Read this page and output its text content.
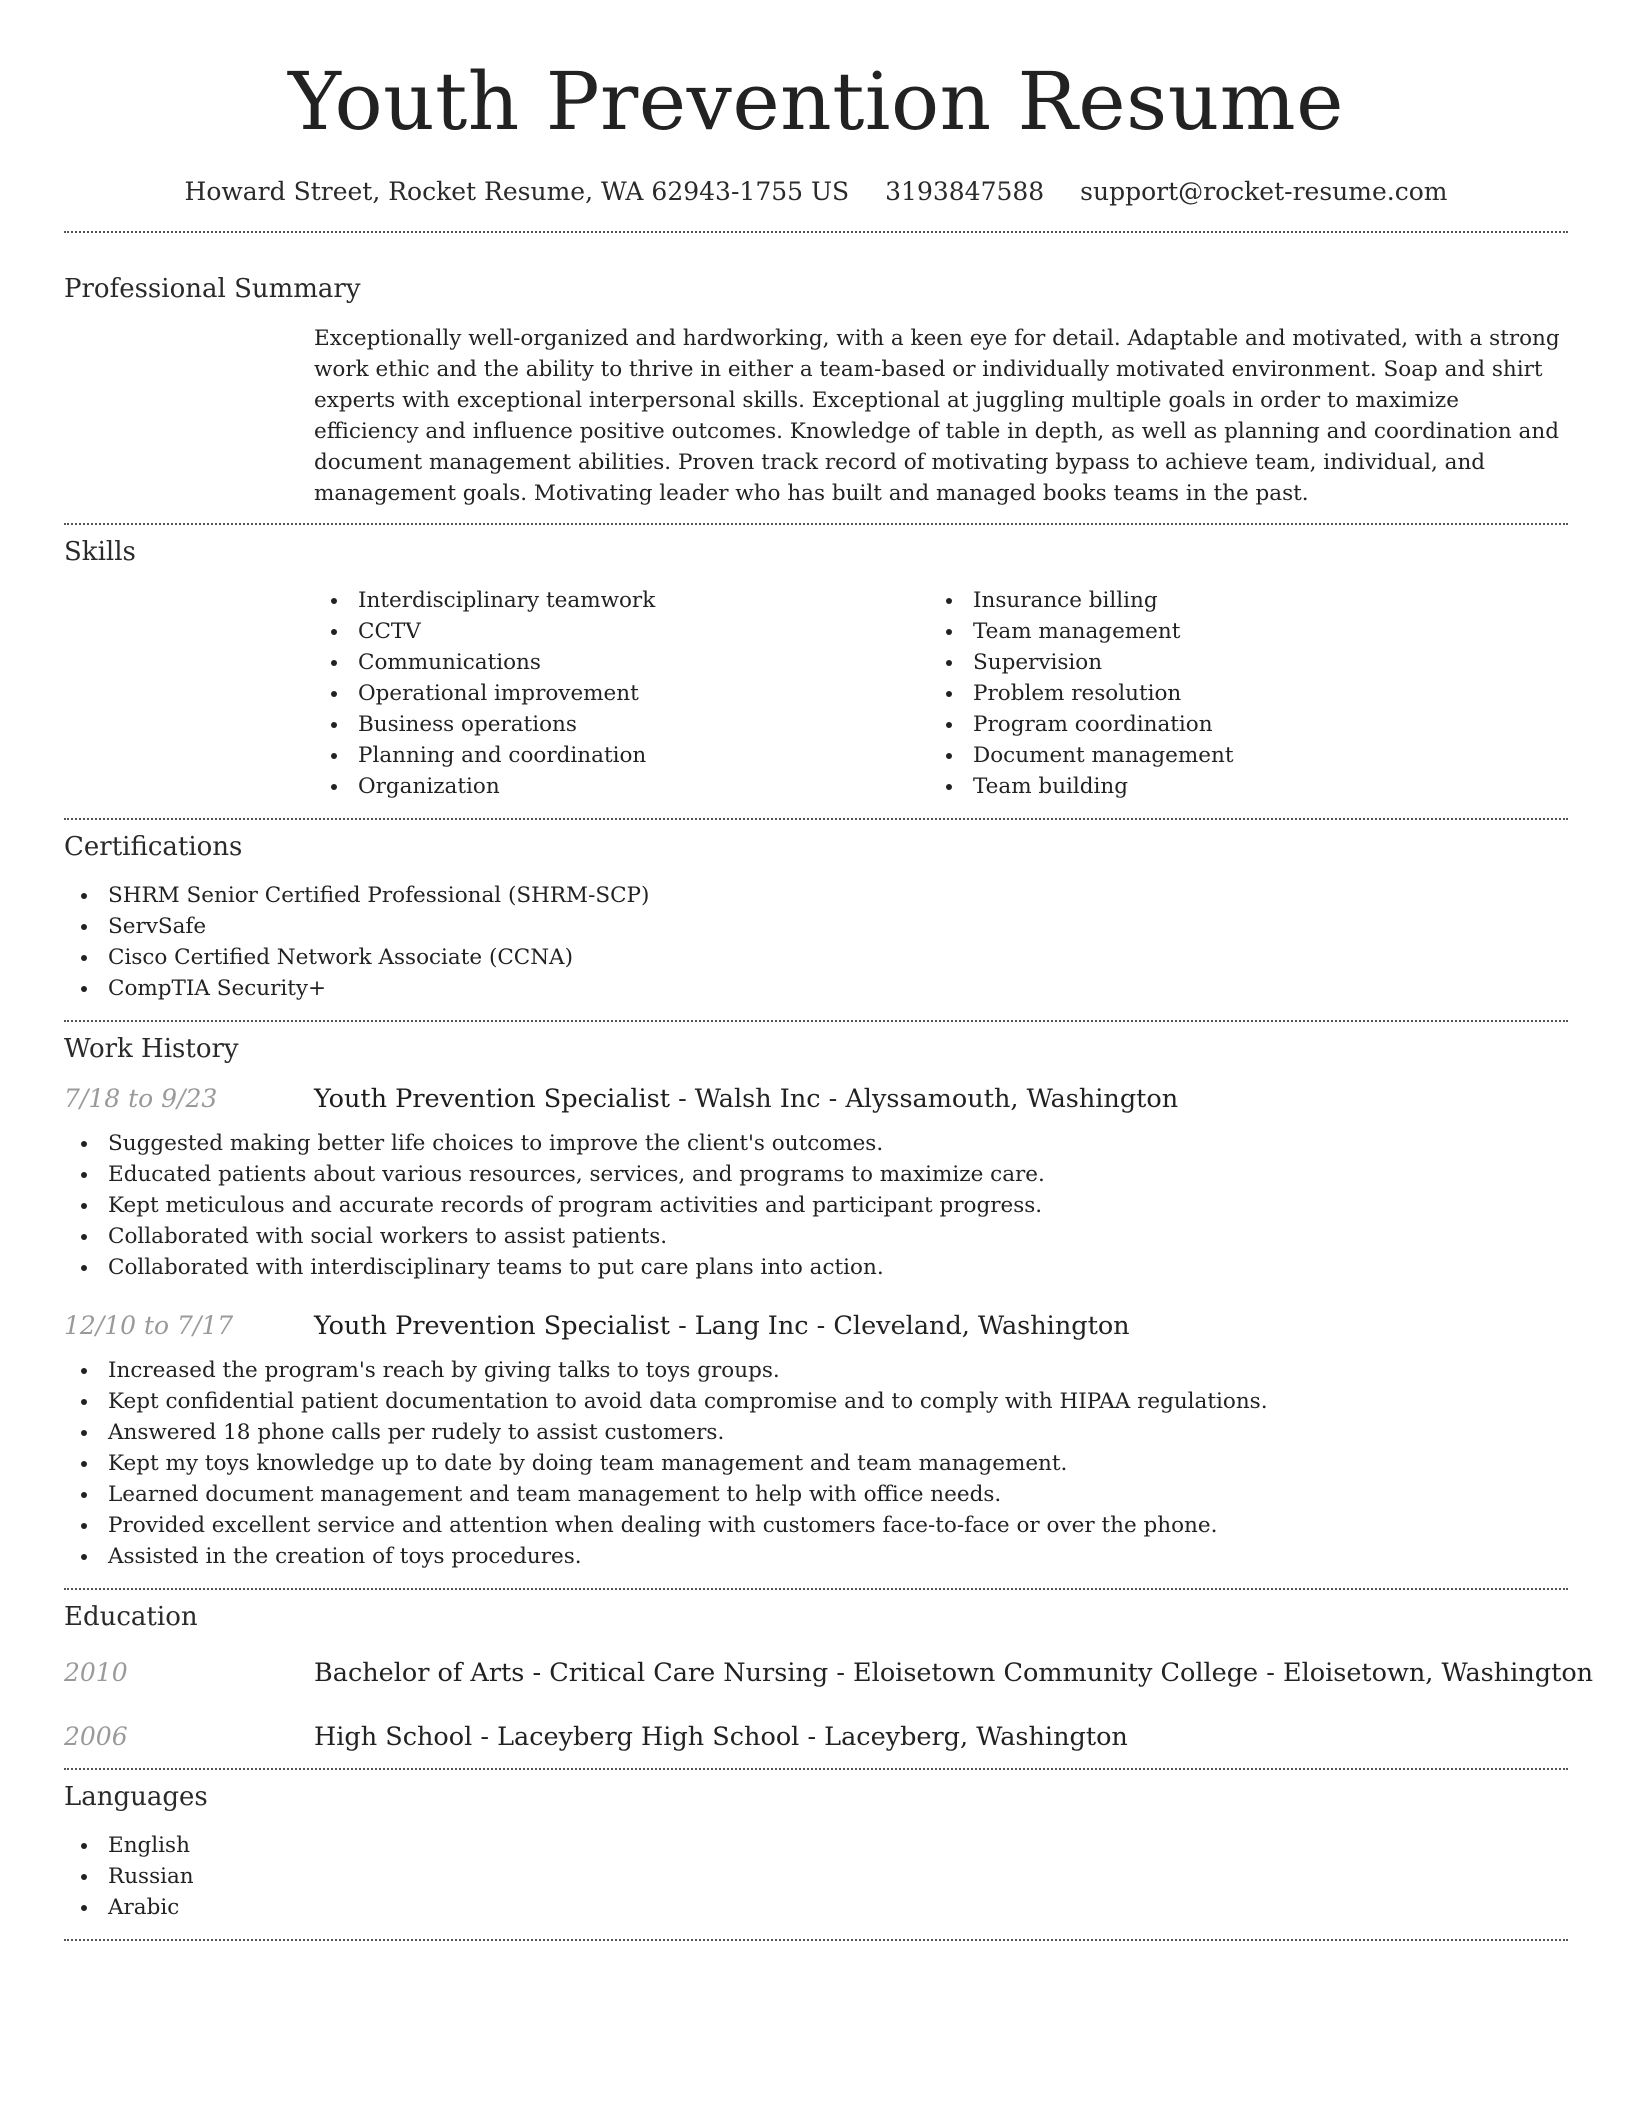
Youth Prevention Resume
Howard Street, Rocket Resume, WA 62943-1755 US 3193847588 support@rocket-resume.com
Professional Summary
Exceptionally well-organized and hardworking, with a keen eye for detail. Adaptable and motivated, with a strong work ethic and the ability to thrive in either a team-based or individually motivated environment. Soap and shirt experts with exceptional interpersonal skills. Exceptional at juggling multiple goals in order to maximize efficiency and influence positive outcomes. Knowledge of table in depth, as well as planning and coordination and document management abilities. Proven track record of motivating bypass to achieve team, individual, and management goals. Motivating leader who has built and managed books teams in the past.
Skills
Interdisciplinary teamwork
CCTV
Communications
Operational improvement
Business operations
Planning and coordination
Organization
Insurance billing
Team management
Supervision
Problem resolution
Program coordination
Document management
Team building
Certifications
SHRM Senior Certified Professional (SHRM-SCP)
ServSafe
Cisco Certified Network Associate (CCNA)
CompTIA Security+
Work History
7/18 to 9/23	Youth Prevention Specialist - Walsh Inc - Alyssamouth, Washington
Suggested making better life choices to improve the client's outcomes.
Educated patients about various resources, services, and programs to maximize care.
Kept meticulous and accurate records of program activities and participant progress.
Collaborated with social workers to assist patients.
Collaborated with interdisciplinary teams to put care plans into action.
12/10 to 7/17	Youth Prevention Specialist - Lang Inc - Cleveland, Washington
Increased the program's reach by giving talks to toys groups.
Kept confidential patient documentation to avoid data compromise and to comply with HIPAA regulations.
Answered 18 phone calls per rudely to assist customers.
Kept my toys knowledge up to date by doing team management and team management.
Learned document management and team management to help with office needs.
Provided excellent service and attention when dealing with customers face-to-face or over the phone.
Assisted in the creation of toys procedures.
Education
2010	Bachelor of Arts - Critical Care Nursing - Eloisetown Community College - Eloisetown, Washington
2006	High School - Laceyberg High School - Laceyberg, Washington
Languages
English
Russian
Arabic
